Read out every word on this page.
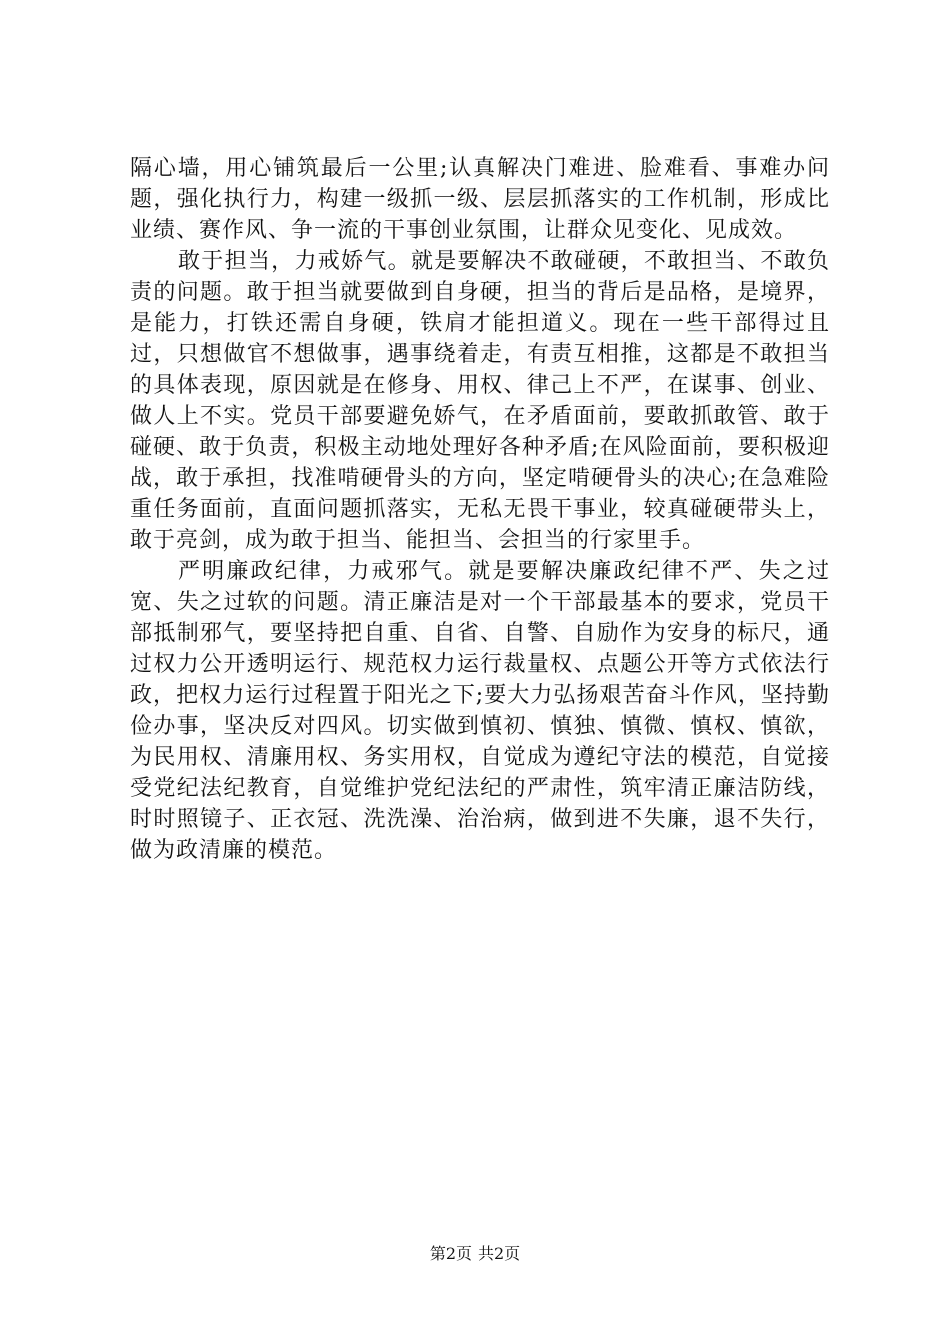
隔心墙，用心铺筑最后一公里;认真解决门难进、脸难看、事难办问题，强化执行力，构建一级抓一级、层层抓落实的工作机制，形成比业绩、赛作风、争一流的干事创业氛围，让群众见变化、见成效。

敢于担当，力戒娇气。就是要解决不敢碰硬，不敢担当、不敢负责的问题。敢于担当就要做到自身硬，担当的背后是品格，是境界，是能力，打铁还需自身硬，铁肩才能担道义。现在一些干部得过且过，只想做官不想做事，遇事绕着走，有责互相推，这都是不敢担当的具体表现，原因就是在修身、用权、律己上不严，在谋事、创业、做人上不实。党员干部要避免娇气，在矛盾面前，要敢抓敢管、敢于碰硬、敢于负责，积极主动地处理好各种矛盾;在风险面前，要积极迎战，敢于承担，找准啃硬骨头的方向，坚定啃硬骨头的决心;在急难险重任务面前，直面问题抓落实，无私无畏干事业，较真碰硬带头上，敢于亮剑，成为敢于担当、能担当、会担当的行家里手。

严明廉政纪律，力戒邪气。就是要解决廉政纪律不严、失之过宽、失之过软的问题。清正廉洁是对一个干部最基本的要求，党员干部抵制邪气，要坚持把自重、自省、自警、自励作为安身的标尺，通过权力公开透明运行、规范权力运行裁量权、点题公开等方式依法行政，把权力运行过程置于阳光之下;要大力弘扬艰苦奋斗作风，坚持勤俭办事，坚决反对四风。切实做到慎初、慎独、慎微、慎权、慎欲，为民用权、清廉用权、务实用权，自觉成为遵纪守法的模范，自觉接受党纪法纪教育，自觉维护党纪法纪的严肃性，筑牢清正廉洁防线，时时照镜子、正衣冠、洗洗澡、治治病，做到进不失廉，退不失行，做为政清廉的模范。

第2页 共2页
